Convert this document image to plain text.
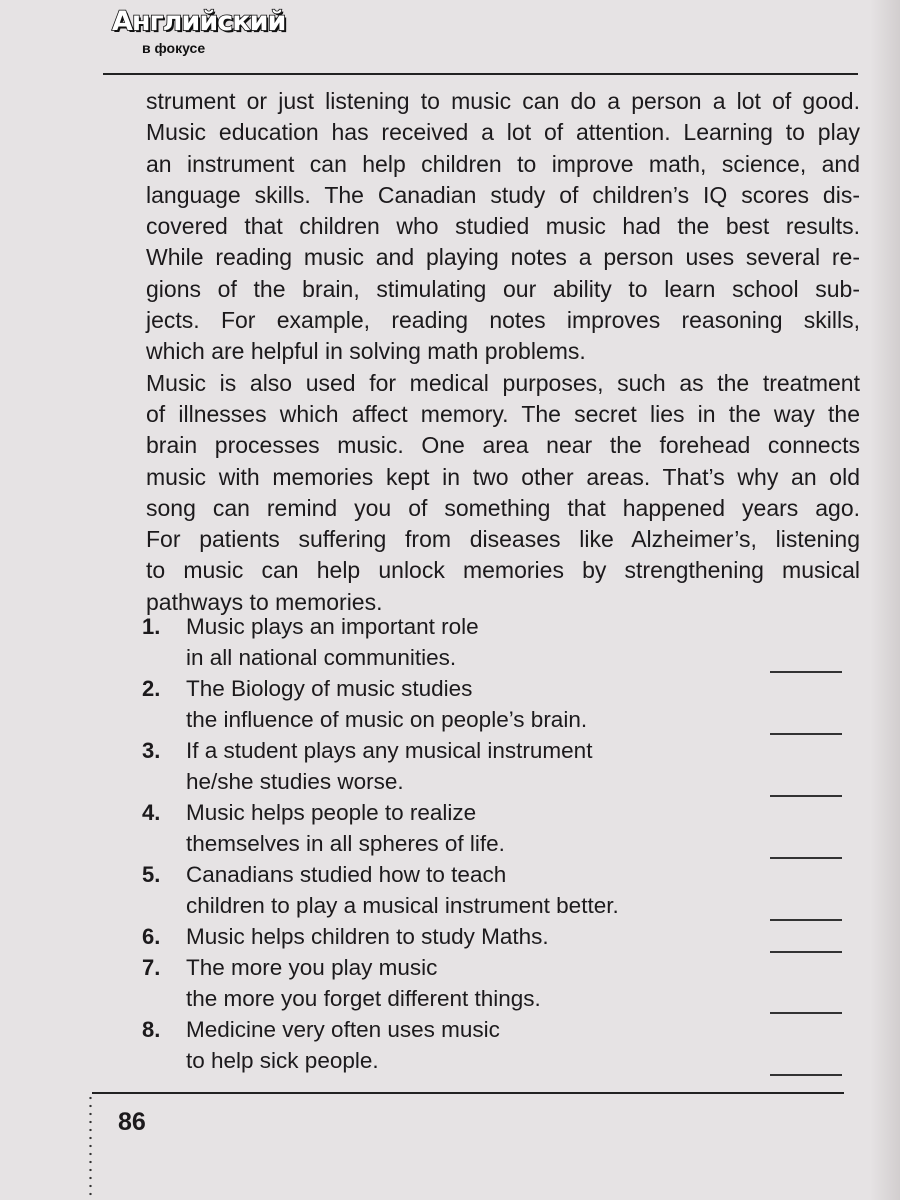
Английский
в фокусе
strument or just listening to music can do a person a lot of good.
Music education has received a lot of attention. Learning to play
an instrument can help children to improve math, science, and
language skills. The Canadian study of children’s IQ scores dis-
covered that children who studied music had the best results.
While reading music and playing notes a person uses several re-
gions of the brain, stimulating our ability to learn school sub-
jects. For example, reading notes improves reasoning skills,
which are helpful in solving math problems.
Music is also used for medical purposes, such as the treatment
of illnesses which affect memory. The secret lies in the way the
brain processes music. One area near the forehead connects
music with memories kept in two other areas. That’s why an old
song can remind you of something that happened years ago.
For patients suffering from diseases like Alzheimer’s, listening
to music can help unlock memories by strengthening musical
pathways to memories.
1.	Music plays an important role
in all national communities.
2.	The Biology of music studies
the influence of music on people’s brain.
3.	If a student plays any musical instrument
he/she studies worse.
4.	Music helps people to realize
themselves in all spheres of life.
5.	Canadians studied how to teach
children to play a musical instrument better.
6.	Music helps children to study Maths.
7.	The more you play music
the more you forget different things.
8.	Medicine very often uses music
to help sick people.
86
